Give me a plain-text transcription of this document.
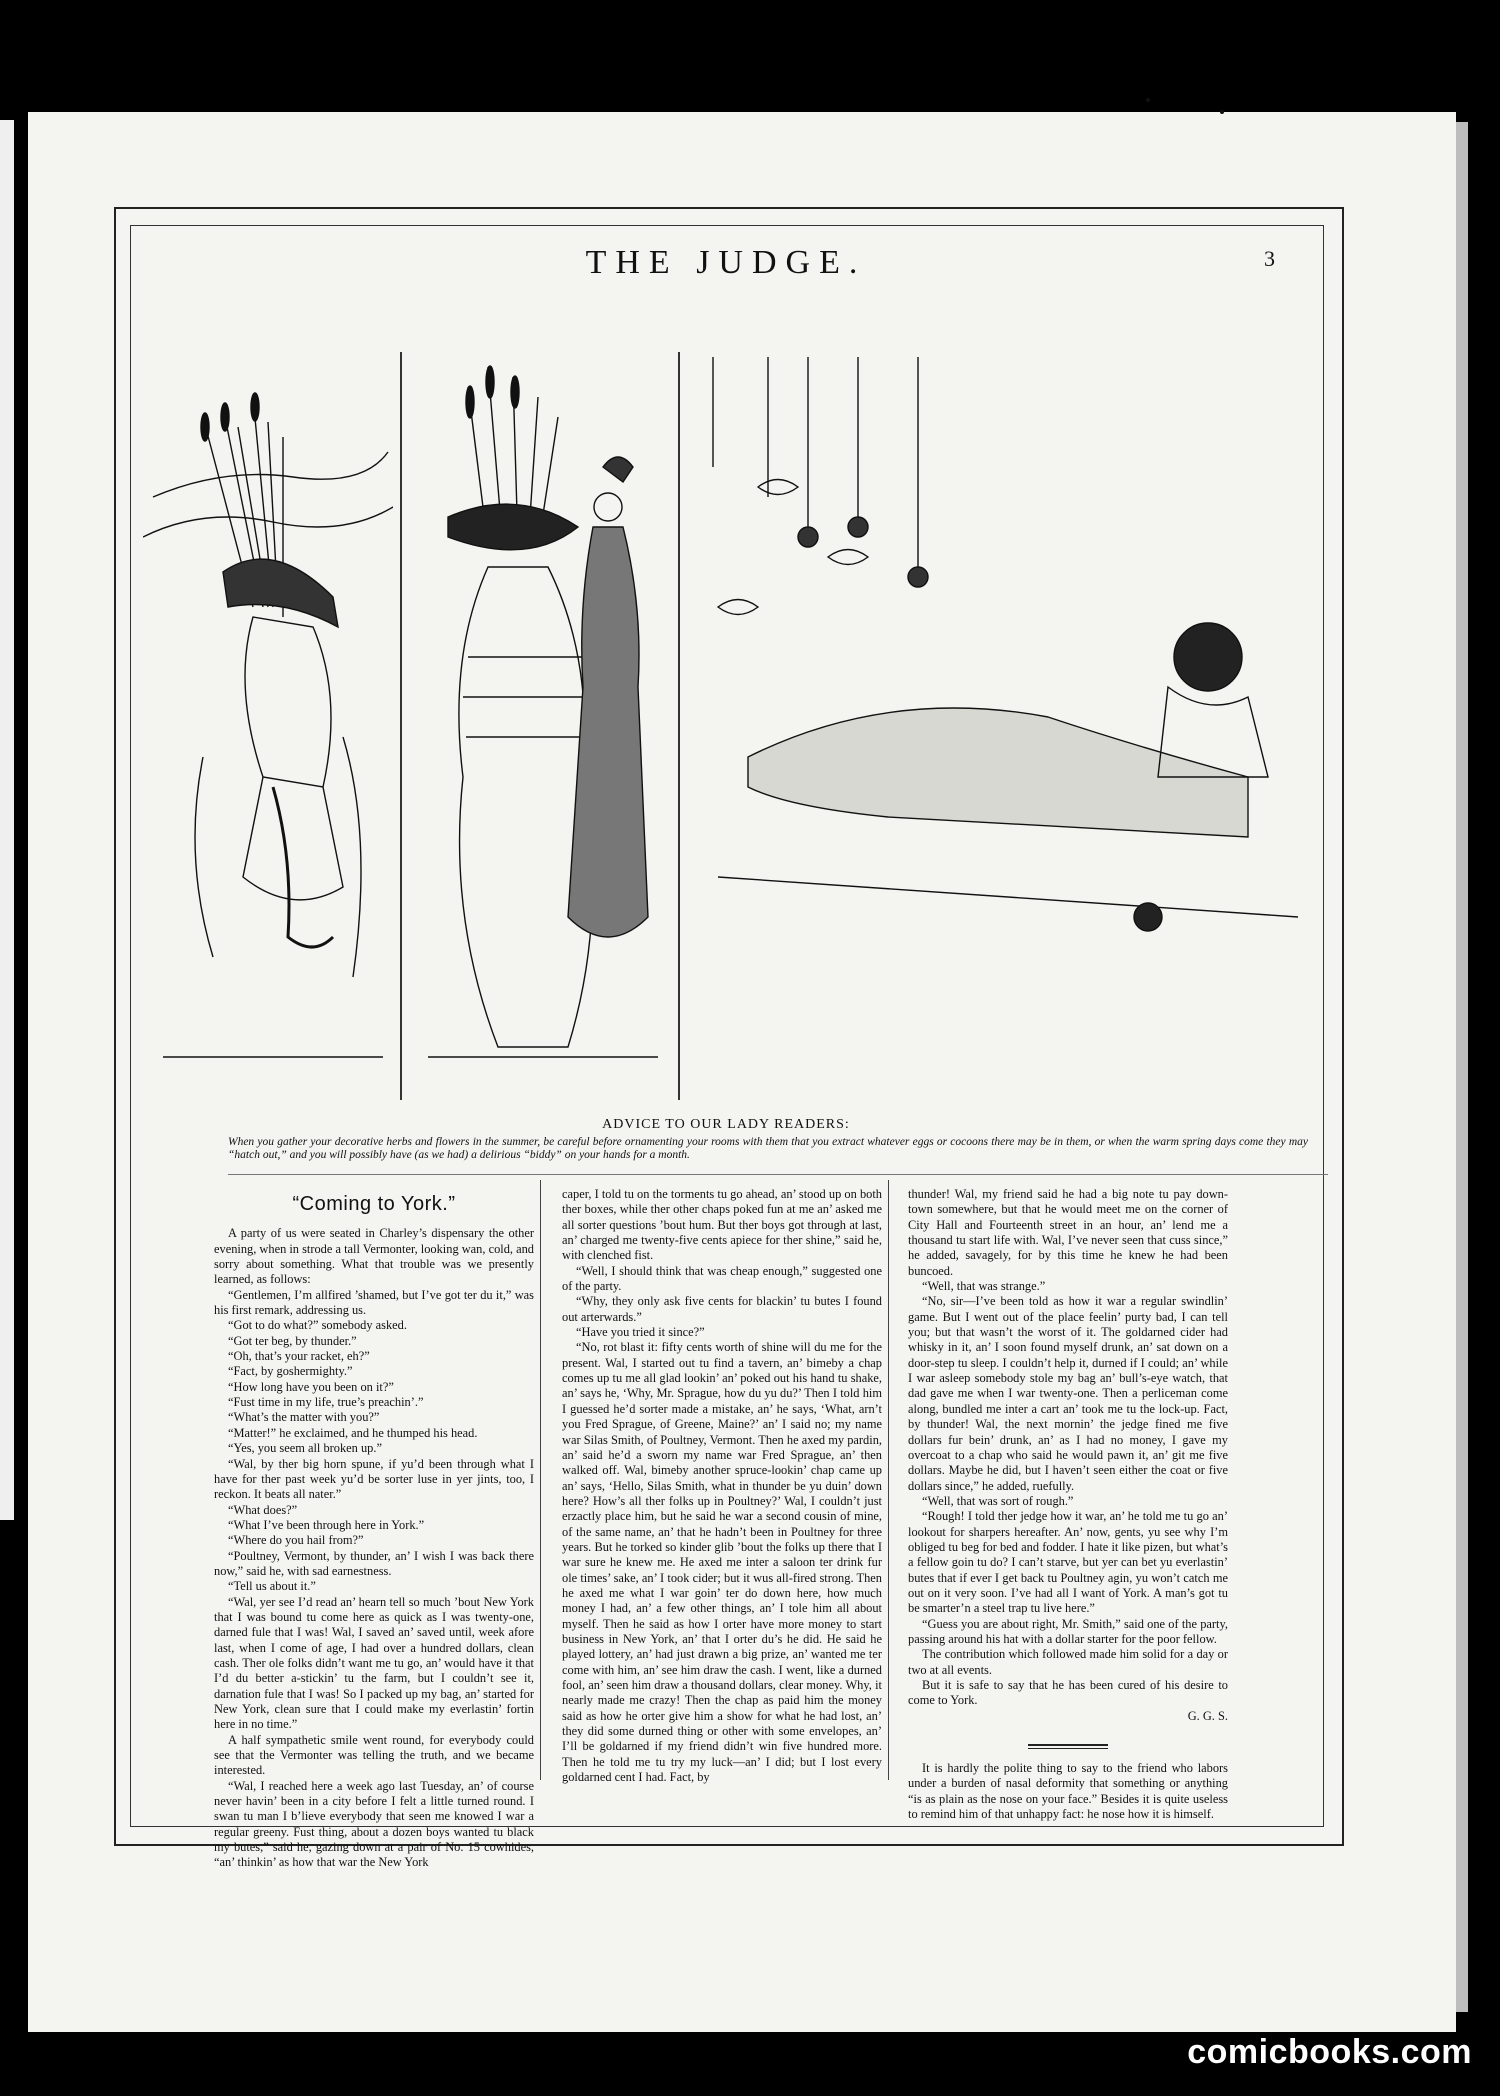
THE JUDGE.	3
ADVICE TO OUR LADY READERS:
When you gather your decorative herbs and flowers in the summer, be careful before ornamenting your rooms with them that you extract whatever eggs or cocoons there may be in them, or when the warm spring days come they may “hatch out,” and you will possibly have (as we had) a delirious “biddy” on your hands for a month.
“Coming to York.”

A party of us were seated in Charley’s dispensary the other evening, when in strode a tall Vermonter, looking wan, cold, and sorry about something. What that trouble was we presently learned, as follows:

“Gentlemen, I’m allfired ’shamed, but I’ve got ter du it,” was his first remark, addressing us.

“Got to do what?” somebody asked.

“Got ter beg, by thunder.”

“Oh, that’s your racket, eh?”

“Fact, by goshermighty.”

“How long have you been on it?”

“Fust time in my life, true’s preachin’.”

“What’s the matter with you?”

“Matter!” he exclaimed, and he thumped his head.

“Yes, you seem all broken up.”

“Wal, by ther big horn spune, if yu’d been through what I have for ther past week yu’d be sorter luse in yer jints, too, I reckon. It beats all nater.”

“What does?”

“What I’ve been through here in York.”

“Where do you hail from?”

“Poultney, Vermont, by thunder, an’ I wish I was back there now,” said he, with sad earnestness.

“Tell us about it.”

“Wal, yer see I’d read an’ hearn tell so much ’bout New York that I was bound tu come here as quick as I was twenty-one, darned fule that I was! Wal, I saved an’ saved until, week afore last, when I come of age, I had over a hundred dollars, clean cash. Ther ole folks didn’t want me tu go, an’ would have it that I’d du better a-stickin’ tu the farm, but I couldn’t see it, darnation fule that I was! So I packed up my bag, an’ started for New York, clean sure that I could make my everlastin’ fortin here in no time.”

A half sympathetic smile went round, for everybody could see that the Vermonter was telling the truth, and we became interested.

“Wal, I reached here a week ago last Tuesday, an’ of course never havin’ been in a city before I felt a little turned round. I swan tu man I b’lieve everybody that seen me knowed I war a regular greeny. Fust thing, about a dozen boys wanted tu black my butes,” said he, gazing down at a pair of No. 15 cowhides, “an’ thinkin’ as how that war the New York

caper, I told tu on the torments tu go ahead, an’ stood up on both ther boxes, while ther other chaps poked fun at me an’ asked me all sorter questions ’bout hum. But ther boys got through at last, an’ charged me twenty-five cents apiece for ther shine,” said he, with clenched fist.

“Well, I should think that was cheap enough,” suggested one of the party.

“Why, they only ask five cents for blackin’ tu butes I found out arterwards.”

“Have you tried it since?”

“No, rot blast it: fifty cents worth of shine will du me for the present. Wal, I started out tu find a tavern, an’ bimeby a chap comes up tu me all glad lookin’ an’ poked out his hand tu shake, an’ says he, ‘Why, Mr. Sprague, how du yu du?’ Then I told him I guessed he’d sorter made a mistake, an’ he says, ‘What, arn’t you Fred Sprague, of Greene, Maine?’ an’ I said no; my name war Silas Smith, of Poultney, Vermont. Then he axed my pardin, an’ said he’d a sworn my name war Fred Sprague, an’ then walked off. Wal, bimeby another spruce-lookin’ chap came up an’ says, ‘Hello, Silas Smith, what in thunder be yu duin’ down here? How’s all ther folks up in Poultney?’ Wal, I couldn’t just erzactly place him, but he said he war a second cousin of mine, of the same name, an’ that he hadn’t been in Poultney for three years. But he torked so kinder glib ’bout the folks up there that I war sure he knew me. He axed me inter a saloon ter drink fur ole times’ sake, an’ I took cider; but it wus all-fired strong. Then he axed me what I war goin’ ter do down here, how much money I had, an’ a few other things, an’ I tole him all about myself. Then he said as how I orter have more money to start business in New York, an’ that I orter du’s he did. He said he played lottery, an’ had just drawn a big prize, an’ wanted me ter come with him, an’ see him draw the cash. I went, like a durned fool, an’ seen him draw a thousand dollars, clear money. Why, it nearly made me crazy! Then the chap as paid him the money said as how he orter give him a show for what he had lost, an’ they did some durned thing or other with some envelopes, an’ I’ll be goldarned if my friend didn’t win five hundred more. Then he told me tu try my luck—an’ I did; but I lost every goldarned cent I had. Fact, by

thunder! Wal, my friend said he had a big note tu pay down-town somewhere, but that he would meet me on the corner of City Hall and Fourteenth street in an hour, an’ lend me a thousand tu start life with. Wal, I’ve never seen that cuss since,” he added, savagely, for by this time he knew he had been buncoed.

“Well, that was strange.”

“No, sir—I’ve been told as how it war a regular swindlin’ game. But I went out of the place feelin’ purty bad, I can tell you; but that wasn’t the worst of it. The goldarned cider had whisky in it, an’ I soon found myself drunk, an’ sat down on a door-step tu sleep. I couldn’t help it, durned if I could; an’ while I war asleep somebody stole my bag an’ bull’s-eye watch, that dad gave me when I war twenty-one. Then a perliceman come along, bundled me inter a cart an’ took me tu the lock-up. Fact, by thunder! Wal, the next mornin’ the jedge fined me five dollars fur bein’ drunk, an’ as I had no money, I gave my overcoat to a chap who said he would pawn it, an’ git me five dollars. Maybe he did, but I haven’t seen either the coat or five dollars since,” he added, ruefully.

“Well, that was sort of rough.”

“Rough! I told ther jedge how it war, an’ he told me tu go an’ lookout for sharpers hereafter. An’ now, gents, yu see why I’m obliged tu beg for bed and fodder. I hate it like pizen, but what’s a fellow goin tu do? I can’t starve, but yer can bet yu everlastin’ butes that if ever I get back tu Poultney agin, yu won’t catch me out on it very soon. I’ve had all I want of York. A man’s got tu be smarter’n a steel trap tu live here.”

“Guess you are about right, Mr. Smith,” said one of the party, passing around his hat with a dollar starter for the poor fellow.

The contribution which followed made him solid for a day or two at all events.

But it is safe to say that he has been cured of his desire to come to York.

G. G. S.

It is hardly the polite thing to say to the friend who labors under a burden of nasal deformity that something or anything “is as plain as the nose on your face.” Besides it is quite useless to remind him of that unhappy fact: he nose how it is himself.

comicbooks.com
